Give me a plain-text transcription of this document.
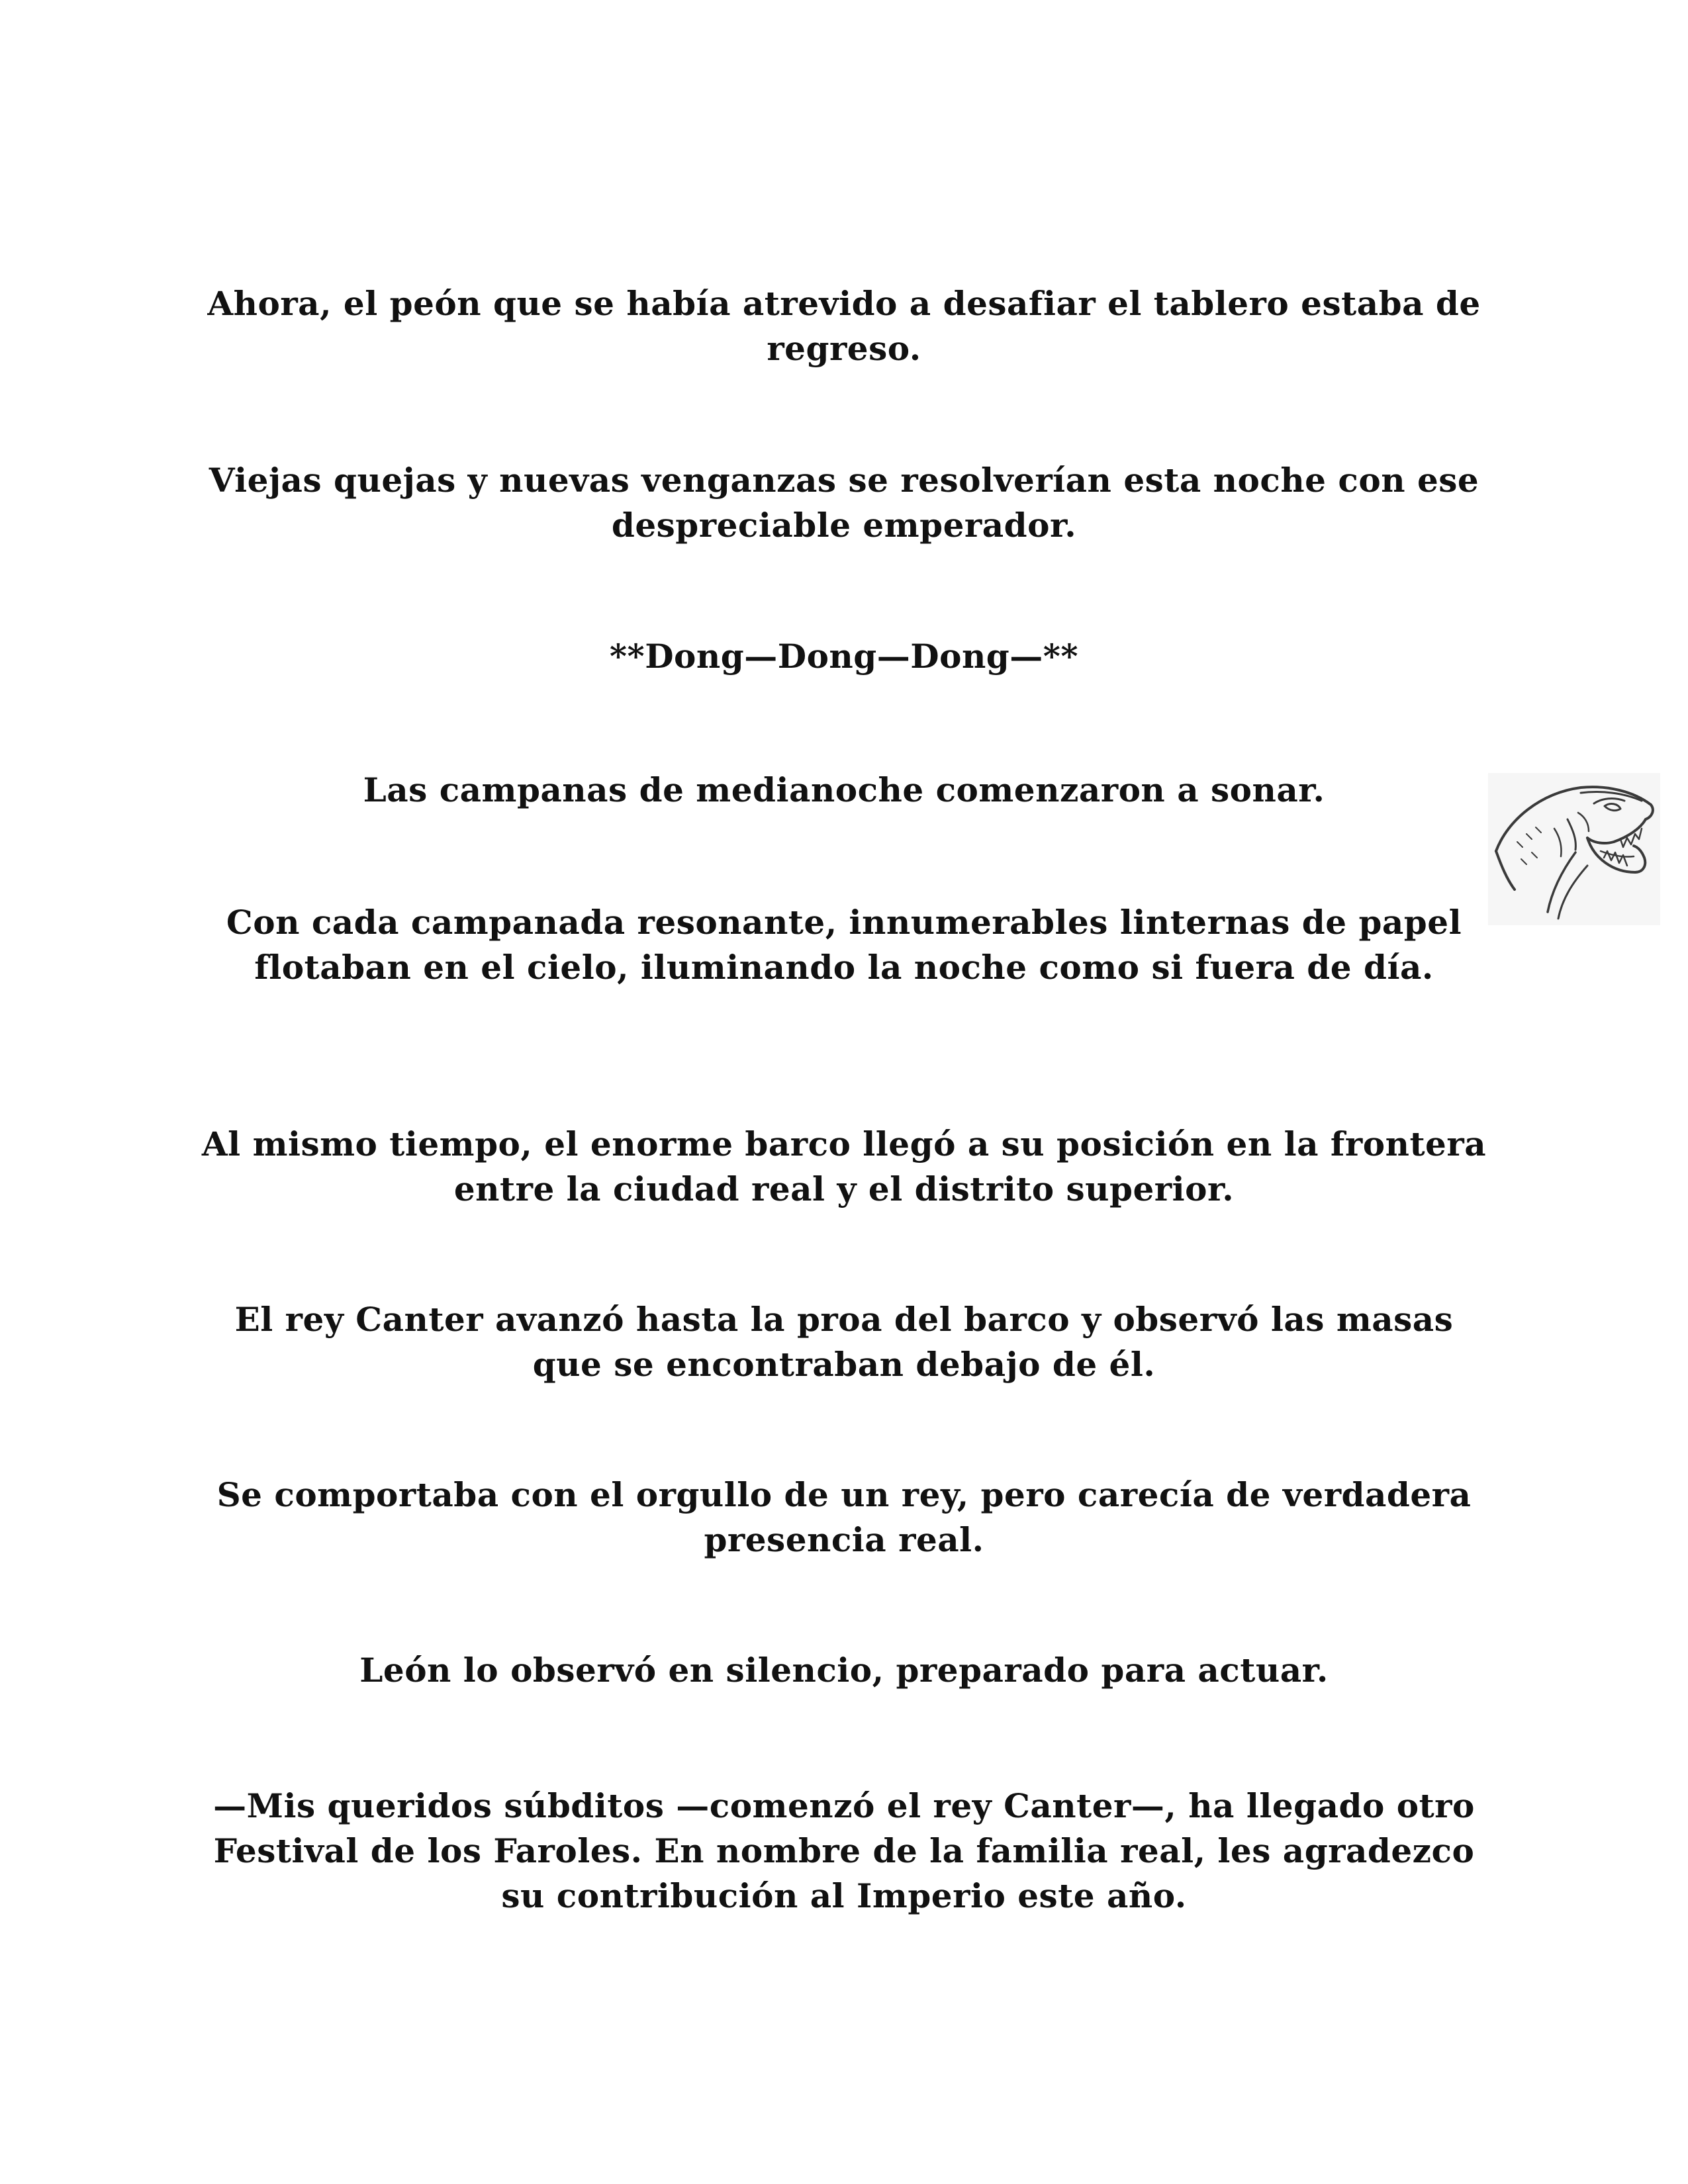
Ahora, el peón que se había atrevido a desafiar el tablero estaba de regreso.

Viejas quejas y nuevas venganzas se resolverían esta noche con ese despreciable emperador.

**Dong—Dong—Dong—**

Las campanas de medianoche comenzaron a sonar.

Con cada campanada resonante, innumerables linternas de papel flotaban en el cielo, iluminando la noche como si fuera de día.

Al mismo tiempo, el enorme barco llegó a su posición en la frontera entre la ciudad real y el distrito superior.

El rey Canter avanzó hasta la proa del barco y observó las masas que se encontraban debajo de él.

Se comportaba con el orgullo de un rey, pero carecía de verdadera presencia real.

León lo observó en silencio, preparado para actuar.

—Mis queridos súbditos —comenzó el rey Canter—, ha llegado otro Festival de los Faroles. En nombre de la familia real, les agradezco su contribución al Imperio este año.
